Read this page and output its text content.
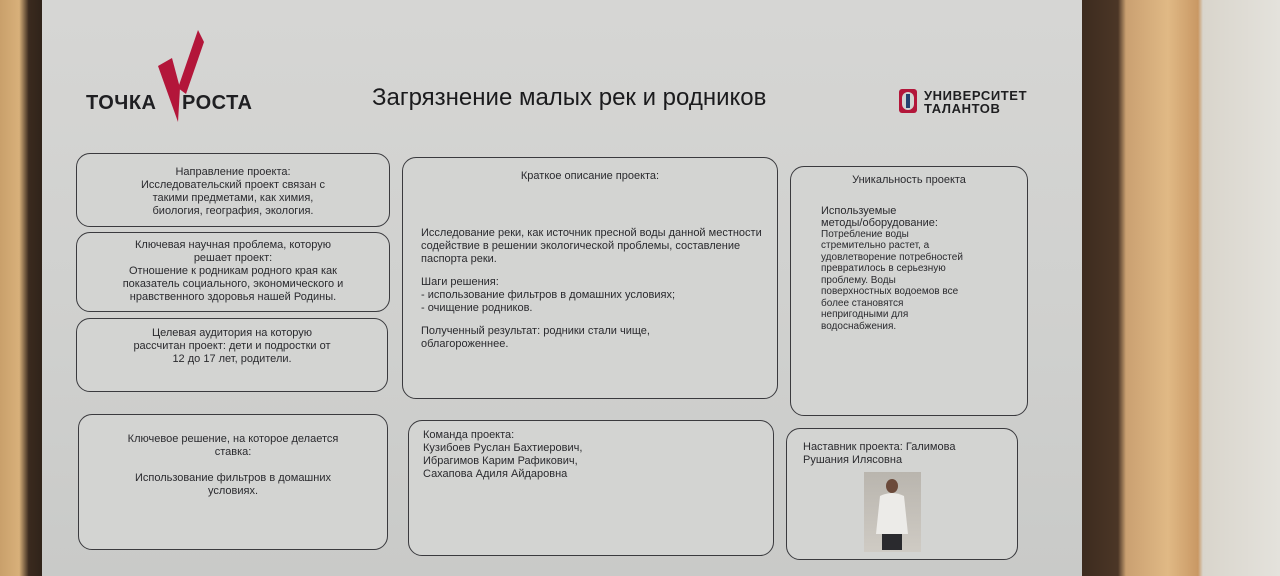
ТОЧКА РОСТА	Загрязнение малых рек и родников	УНИВЕРСИТЕТ
ТАЛАНТОВ
Направление проекта:
Исследовательский проект связан с
такими предметами, как химия,
биология, география, экология.
Ключевая научная проблема, которую
решает проект:
Отношение к родникам родного края как
показатель социального, экономического и
нравственного здоровья нашей Родины.
Целевая аудитория на которую
рассчитан проект: дети и подростки от
12 до 17 лет, родители.
Ключевое решение, на которое делается
ставка:
Использование фильтров в домашних
условиях.
Краткое описание проекта:
Исследование реки, как источник пресной воды данной местности
содействие в решении экологической проблемы, составление
паспорта реки.
Шаги решения:
- использование фильтров в домашних условиях;
- очищение родников.
Полученный результат: родники стали чище,
облагороженнее.
Уникальность проекта
Используемые
методы/оборудование:
Потребление воды
стремительно растет, а
удовлетворение потребностей
превратилось в серьезную
проблему. Воды
поверхностных водоемов все
более становятся
непригодными для
водоснабжения.
Команда проекта:
Кузибоев Руслан Бахтиерович,
Ибрагимов Карим Рафикович,
Сахапова Адиля Айдаровна
Наставник проекта: Галимова
Рушания Илясовна
